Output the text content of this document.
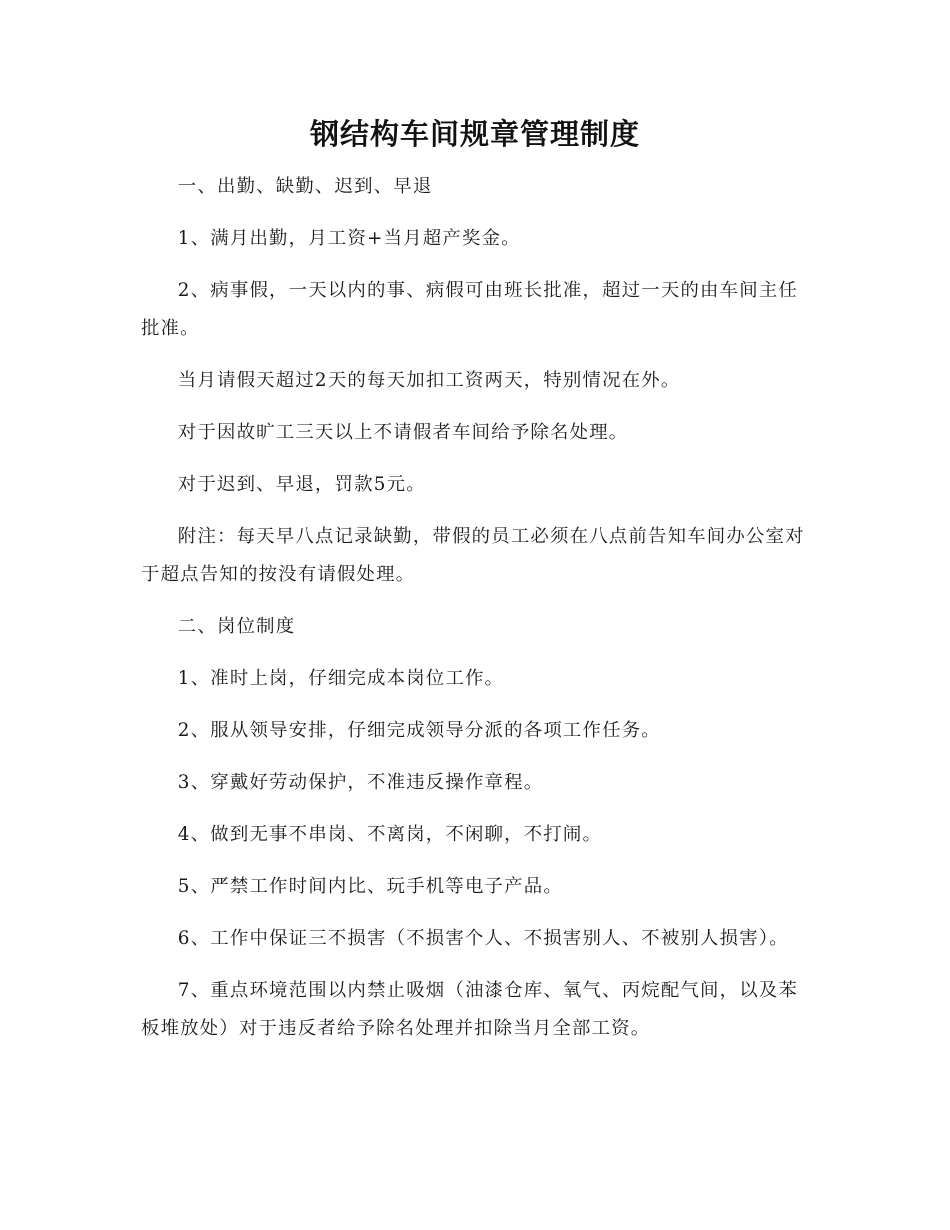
钢结构车间规章管理制度

一、出勤、缺勤、迟到、早退

1、满月出勤，月工资+当月超产奖金。

2、病事假，一天以内的事、病假可由班长批准，超过一天的由车间主任批准。

当月请假天超过2天的每天加扣工资两天，特别情况在外。

对于因故旷工三天以上不请假者车间给予除名处理。

对于迟到、早退，罚款5元。

附注：每天早八点记录缺勤，带假的员工必须在八点前告知车间办公室对于超点告知的按没有请假处理。

二、岗位制度

1、准时上岗，仔细完成本岗位工作。

2、服从领导安排，仔细完成领导分派的各项工作任务。

3、穿戴好劳动保护，不准违反操作章程。

4、做到无事不串岗、不离岗，不闲聊，不打闹。

5、严禁工作时间内比、玩手机等电子产品。

6、工作中保证三不损害（不损害个人、不损害别人、不被别人损害）。

7、重点环境范围以内禁止吸烟（油漆仓库、氧气、丙烷配气间，以及苯板堆放处）对于违反者给予除名处理并扣除当月全部工资。
